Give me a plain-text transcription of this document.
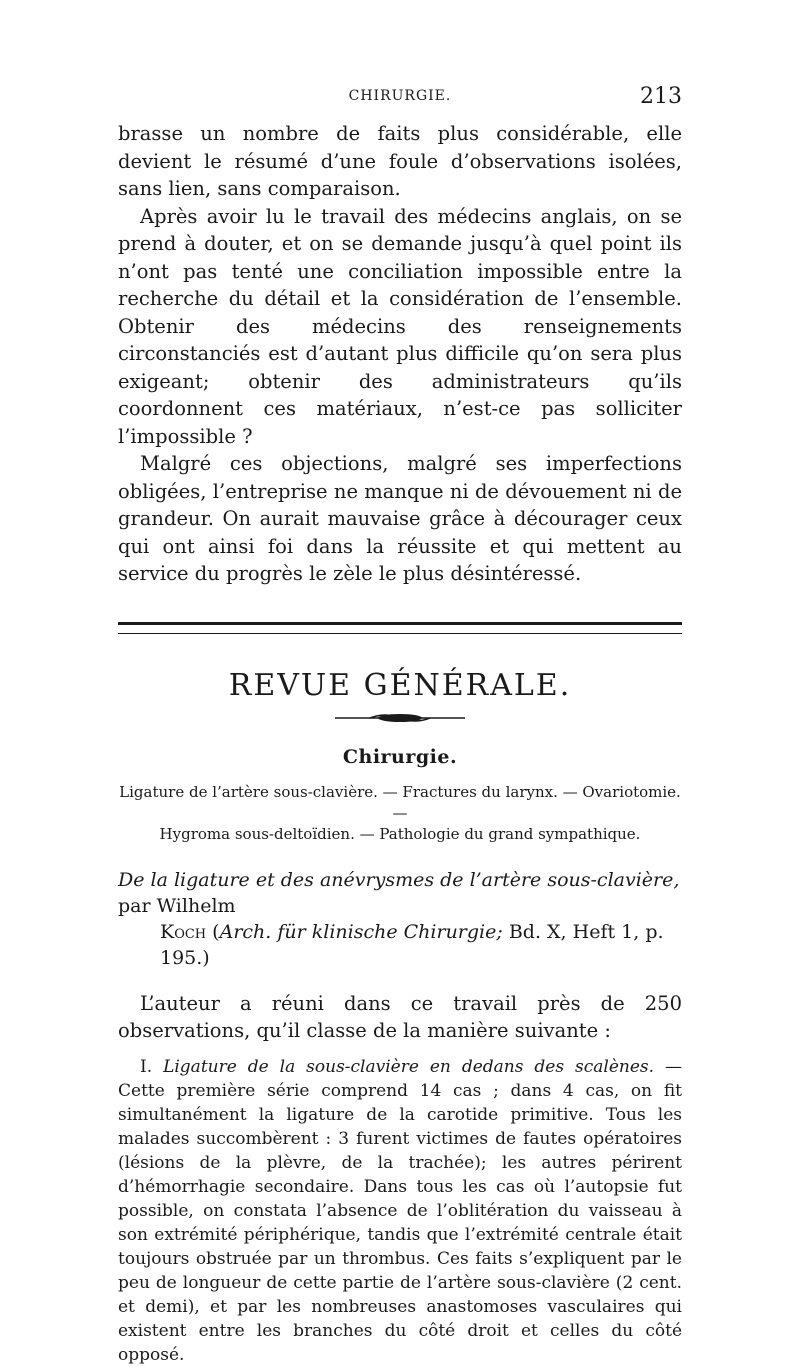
CHIRURGIE.	213

brasse un nombre de faits plus considérable, elle devient le résumé d’une foule d’observations isolées, sans lien, sans comparaison.

Après avoir lu le travail des médecins anglais, on se prend à douter, et on se demande jusqu’à quel point ils n’ont pas tenté une conciliation impossible entre la recherche du détail et la considération de l’ensemble. Obtenir des médecins des renseignements circonstanciés est d’autant plus difficile qu’on sera plus exigeant; obtenir des administrateurs qu’ils coordonnent ces matériaux, n’est-ce pas solliciter l’impossible ?

Malgré ces objections, malgré ses imperfections obligées, l’entreprise ne manque ni de dévouement ni de grandeur. On aurait mauvaise grâce à décourager ceux qui ont ainsi foi dans la réussite et qui mettent au service du progrès le zèle le plus désintéressé.

REVUE GÉNÉRALE.
Chirurgie.
Ligature de l’artère sous-clavière. — Fractures du larynx. — Ovariotomie. —
Hygroma sous-deltoïdien. — Pathologie du grand sympathique.

De la ligature et des anévrysmes de l’artère sous-clavière, par Wilhelm
Koch (Arch. für klinische Chirurgie; Bd. X, Heft 1, p. 195.)

L’auteur a réuni dans ce travail près de 250 observations, qu’il classe de la manière suivante :

I. Ligature de la sous-clavière en dedans des scalènes. — Cette première série comprend 14 cas ; dans 4 cas, on fit simultanément la ligature de la carotide primitive. Tous les malades succombèrent : 3 furent victimes de fautes opératoires (lésions de la plèvre, de la trachée); les autres périrent d’hémorrhagie secondaire. Dans tous les cas où l’autopsie fut possible, on constata l’absence de l’oblitération du vaisseau à son extrémité périphérique, tandis que l’extrémité centrale était toujours obstruée par un thrombus. Ces faits s’expliquent par le peu de longueur de cette partie de l’artère sous-clavière (2 cent. et demi), et par les nombreuses anastomoses vasculaires qui existent entre les branches du côté droit et celles du côté opposé.
